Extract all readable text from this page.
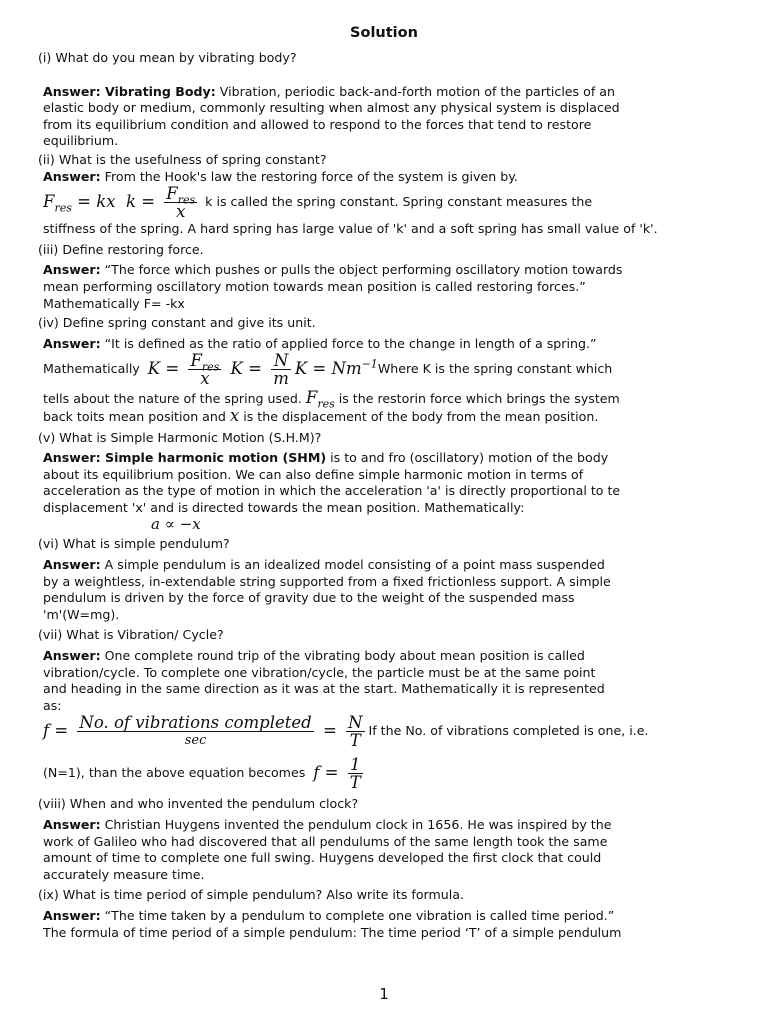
Solution
(i) What do you mean by vibrating body?
Answer: Vibrating Body: Vibration, periodic back-and-forth motion of the particles of an elastic body or medium, commonly resulting when almost any physical system is displaced from its equilibrium condition and allowed to respond to the forces that tend to restore equilibrium.
(ii) What is the usefulness of spring constant?
Answer: From the Hook's law the restoring force of the system is given by.
$F_{res}$ = kx  $k = \frac{F_{res}}{x}$ k is called the spring constant. Spring constant measures the
stiffness of the spring. A hard spring has large value of 'k' and a soft spring has small value of 'k'.
(iii) Define restoring force.
Answer: “The force which pushes or pulls the object performing oscillatory motion towards mean performing oscillatory motion towards mean position is called restoring forces.”
Mathematically F= -kx
(iv) Define spring constant and give its unit.
Answer: “It is defined as the ratio of applied force to the change in length of a spring.”
Mathematically $K = \frac{F_{res}}{x}$ $K = \frac{N}{m}$ $K = Nm^{-1}Where$ K is the spring constant which
tells about the nature of the spring used. $F_{res}$ is the restorin force which brings the system
back toits mean position and x is the displacement of the body from the mean position.
(v) What is Simple Harmonic Motion (S.H.M)?
Answer: Simple harmonic motion (SHM) is to and fro (oscillatory) motion of the body about its equilibrium position. We can also define simple harmonic motion in terms of acceleration as the type of motion in which the acceleration 'a' is directly proportional to te displacement 'x' and is directed towards the mean position. Mathematically:
a ∝ −x
(vi) What is simple pendulum?
Answer: A simple pendulum is an idealized model consisting of a point mass suspended by a weightless, in-extendable string supported from a fixed frictionless support. A simple pendulum is driven by the force of gravity due to the weight of the suspended mass 'm'(W=mg).
(vii) What is Vibration/ Cycle?
Answer: One complete round trip of the vibrating body about mean position is called vibration/cycle. To complete one vibration/cycle, the particle must be at the same point and heading in the same direction as it was at the start. Mathematically it is represented as:
$f = \frac{\text{No. of vibrations completed}}{\sec} = \frac{N}{T}$ If the No. of vibrations completed is one, i.e.
(N=1), than the above equation becomes $f = \frac{1}{T}$
(viii) When and who invented the pendulum clock?
Answer: Christian Huygens invented the pendulum clock in 1656. He was inspired by the work of Galileo who had discovered that all pendulums of the same length took the same amount of time to complete one full swing. Huygens developed the first clock that could accurately measure time.
(ix) What is time period of simple pendulum? Also write its formula.
Answer: “The time taken by a pendulum to complete one vibration is called time period.” The formula of time period of a simple pendulum: The time period ‘T’ of a simple pendulum
1
